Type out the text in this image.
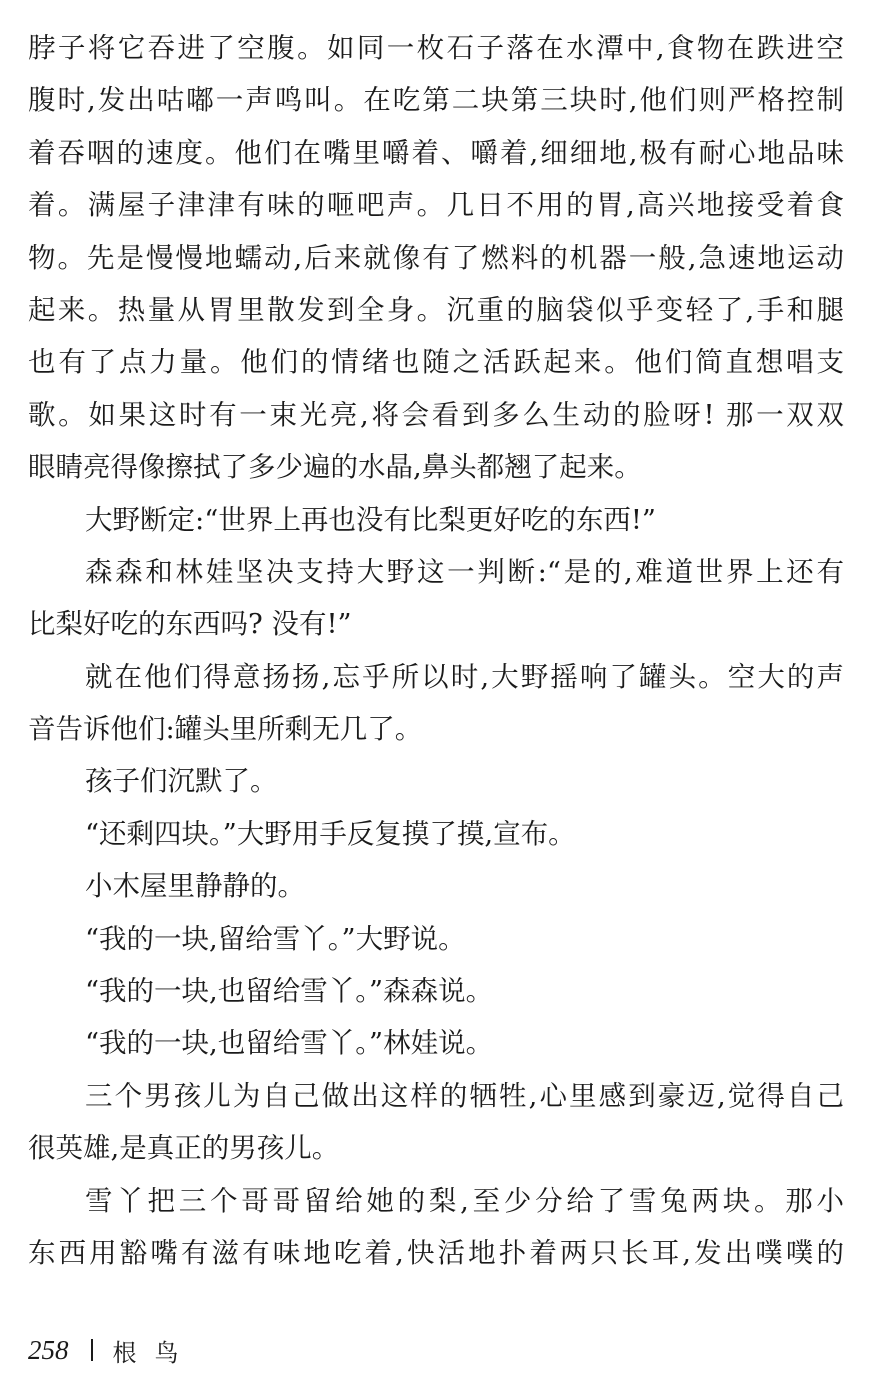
脖子将它吞进了空腹。如同一枚石子落在水潭中,食物在跌进空
腹时,发出咕嘟一声鸣叫。在吃第二块第三块时,他们则严格控制
着吞咽的速度。他们在嘴里嚼着、嚼着,细细地,极有耐心地品味
着。满屋子津津有味的咂吧声。几日不用的胃,高兴地接受着食
物。先是慢慢地蠕动,后来就像有了燃料的机器一般,急速地运动
起来。热量从胃里散发到全身。沉重的脑袋似乎变轻了,手和腿
也有了点力量。他们的情绪也随之活跃起来。他们简直想唱支
歌。如果这时有一束光亮,将会看到多么生动的脸呀! 那一双双
眼睛亮得像擦拭了多少遍的水晶,鼻头都翘了起来。
大野断定:“世界上再也没有比梨更好吃的东西!”
森森和林娃坚决支持大野这一判断:“是的,难道世界上还有
比梨好吃的东西吗? 没有!”
就在他们得意扬扬,忘乎所以时,大野摇响了罐头。空大的声
音告诉他们:罐头里所剩无几了。
孩子们沉默了。
“还剩四块。”大野用手反复摸了摸,宣布。
小木屋里静静的。
“我的一块,留给雪丫。”大野说。
“我的一块,也留给雪丫。”森森说。
“我的一块,也留给雪丫。”林娃说。
三个男孩儿为自己做出这样的牺牲,心里感到豪迈,觉得自己
很英雄,是真正的男孩儿。
雪丫把三个哥哥留给她的梨,至少分给了雪兔两块。那小
东西用豁嘴有滋有味地吃着,快活地扑着两只长耳,发出噗噗的
258 根鸟
